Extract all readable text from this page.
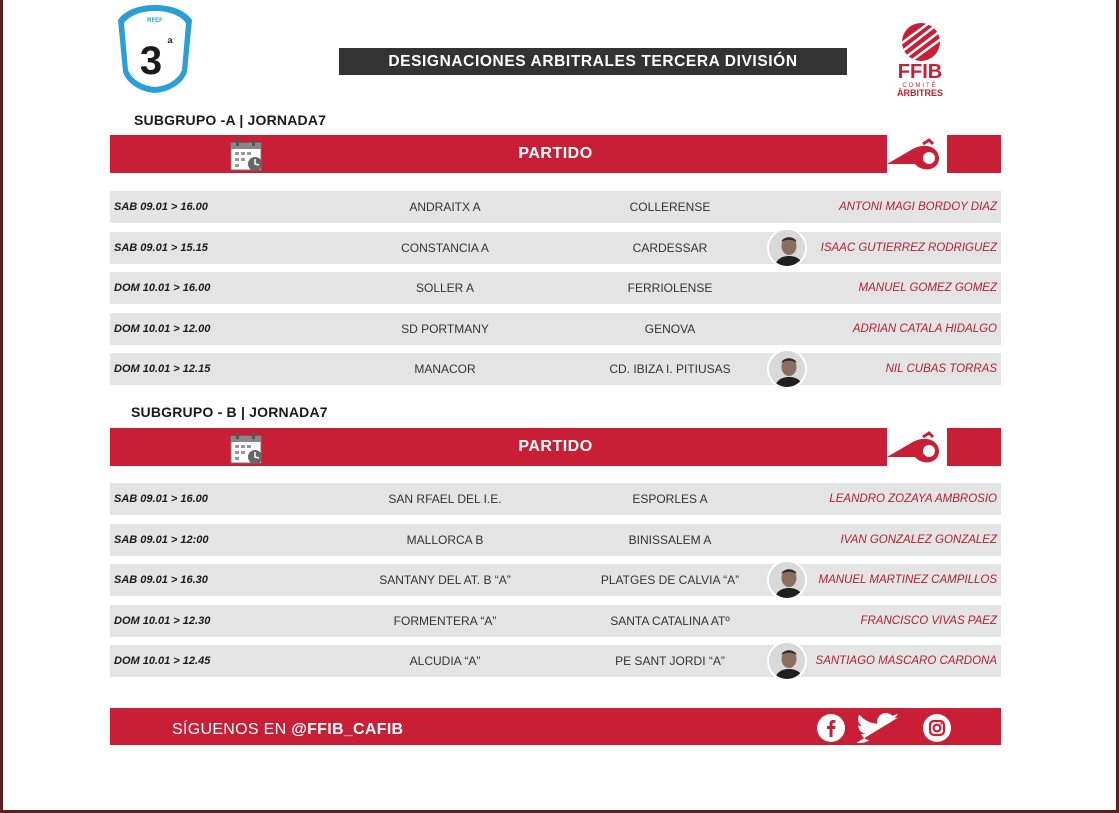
RFEF
3 ª
DESIGNACIONES ARBITRALES TERCERA DIVISIÓN	FFIB
COMITÉ
ÀRBITRES
SUBGRUPO -A | JORNADA7
PARTIDO
SAB 09.01 > 16.00	ANDRAITX A	COLLERENSE	ANTONI MAGI BORDOY DIAZ
SAB 09.01 > 15.15	CONSTANCIA A	CARDESSAR	ISAAC GUTIERREZ RODRIGUEZ
DOM 10.01 > 16.00	SOLLER A	FERRIOLENSE	MANUEL GOMEZ GOMEZ
DOM 10.01 > 12.00	SD PORTMANY	GENOVA	ADRIAN CATALA HIDALGO
DOM 10.01 > 12.15	MANACOR	CD. IBIZA I. PITIUSAS	NIL CUBAS TORRAS
SUBGRUPO - B | JORNADA7
PARTIDO
SAB 09.01 > 16.00	SAN RFAEL DEL I.E.	ESPORLES A	LEANDRO ZOZAYA AMBROSIO
SAB 09.01 > 12:00	MALLORCA B	BINISSALEM A	IVAN GONZALEZ GONZALEZ
SAB 09.01 > 16.30	SANTANY DEL AT. B “A”	PLATGES DE CALVIA “A”	MANUEL MARTINEZ CAMPILLOS
DOM 10.01 > 12.30	FORMENTERA “A”	SANTA CATALINA ATº	FRANCISCO VIVAS PAEZ
DOM 10.01 > 12.45	ALCUDIA “A”	PE SANT JORDI “A”	SANTIAGO MASCARO CARDONA
SÍGUENOS EN @FFIB_CAFIB
